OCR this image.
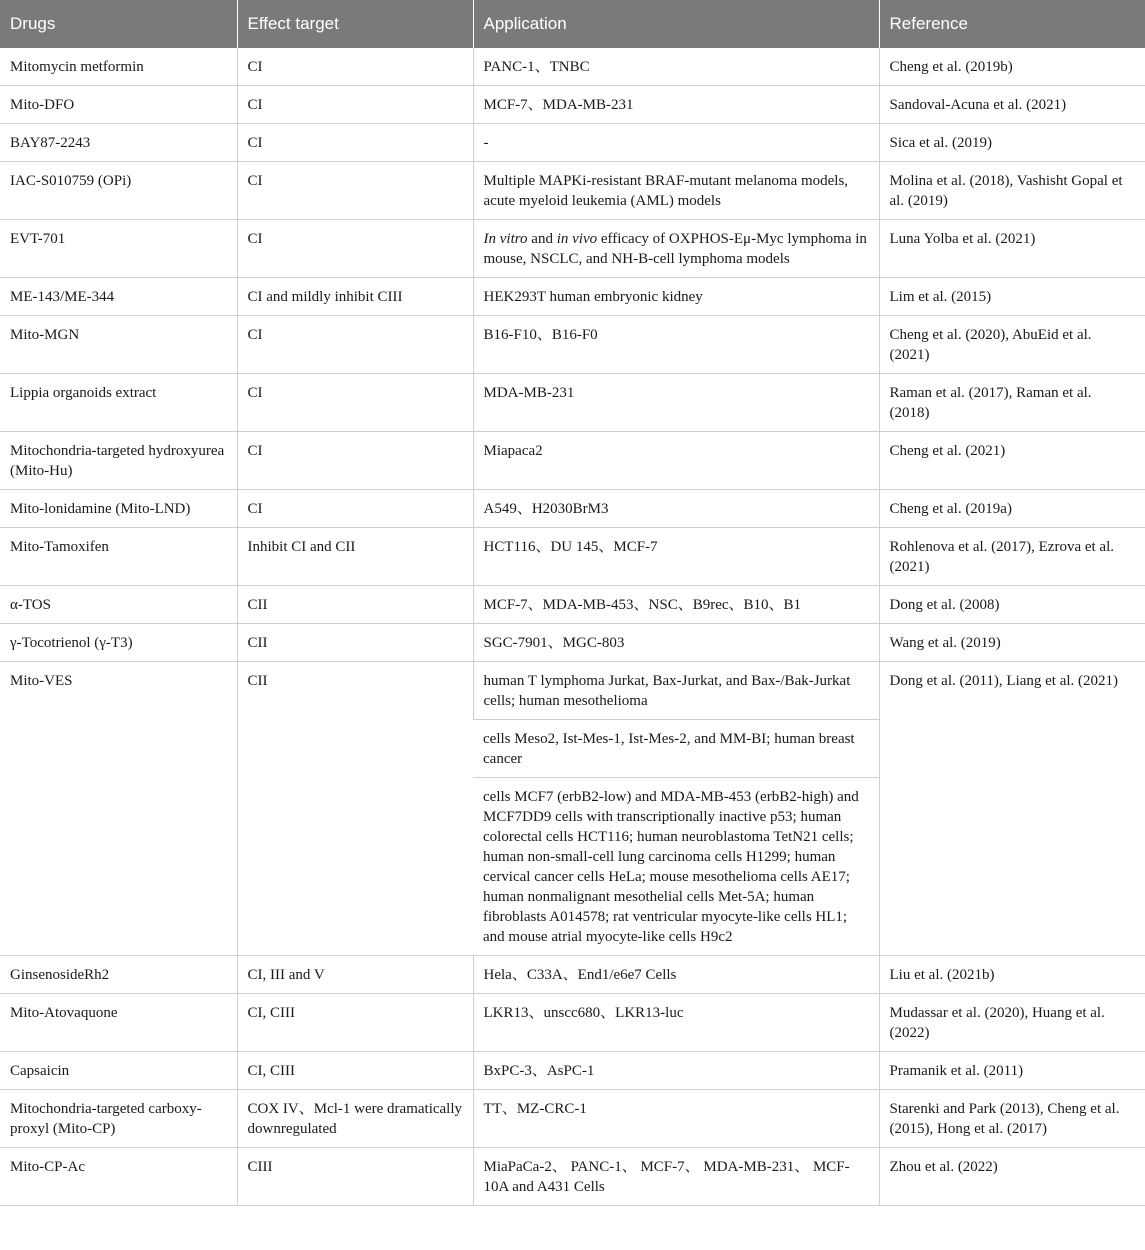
Drugs	Effect target	Application	Reference
Mitomycin metformin	CI	PANC-1、TNBC	Cheng et al. (2019b)
Mito-DFO	CI	MCF-7、MDA-MB-231	Sandoval-Acuna et al. (2021)
BAY87-2243	CI	-	Sica et al. (2019)
IAC-S010759 (OPi)	CI	Multiple MAPKi-resistant BRAF-mutant melanoma models, acute myeloid leukemia (AML) models	Molina et al. (2018), Vashisht Gopal et al. (2019)
EVT-701	CI	In vitro and in vivo efficacy of OXPHOS-Eμ-Myc lymphoma in mouse, NSCLC, and NH-B-cell lymphoma models	Luna Yolba et al. (2021)
ME-143/ME-344	CI and mildly inhibit CIII	HEK293T human embryonic kidney	Lim et al. (2015)
Mito-MGN	CI	B16-F10、B16-F0	Cheng et al. (2020), AbuEid et al. (2021)
Lippia organoids extract	CI	MDA-MB-231	Raman et al. (2017), Raman et al. (2018)
Mitochondria-targeted hydroxyurea (Mito-Hu)	CI	Miapaca2	Cheng et al. (2021)
Mito-lonidamine (Mito-LND)	CI	A549、H2030BrM3	Cheng et al. (2019a)
Mito-Tamoxifen	Inhibit CI and CII	HCT116、DU 145、MCF-7	Rohlenova et al. (2017), Ezrova et al. (2021)
α-TOS	CII	MCF-7、MDA-MB-453、NSC、B9rec、B10、B1	Dong et al. (2008)
γ-Tocotrienol (γ-T3)	CII	SGC-7901、MGC-803	Wang et al. (2019)
Mito-VES	CII	human T lymphoma Jurkat, Bax-Jurkat, and Bax-/Bak-Jurkat cells; human mesothelioma	Dong et al. (2011), Liang et al. (2021)
		cells Meso2, Ist-Mes-1, Ist-Mes-2, and MM-BI; human breast cancer	
		cells MCF7 (erbB2-low) and MDA-MB-453 (erbB2-high) and MCF7DD9 cells with transcriptionally inactive p53; human colorectal cells HCT116; human neuroblastoma TetN21 cells; human non-small-cell lung carcinoma cells H1299; human cervical cancer cells HeLa; mouse mesothelioma cells AE17; human nonmalignant mesothelial cells Met-5A; human fibroblasts A014578; rat ventricular myocyte-like cells HL1; and mouse atrial myocyte-like cells H9c2	
GinsenosideRh2	CI, III and V	Hela、C33A、End1/e6e7 Cells	Liu et al. (2021b)
Mito-Atovaquone	CI, CIII	LKR13、unscc680、LKR13-luc	Mudassar et al. (2020), Huang et al. (2022)
Capsaicin	CI, CIII	BxPC-3、AsPC-1	Pramanik et al. (2011)
Mitochondria-targeted carboxy-proxyl (Mito-CP)	COX IV、Mcl-1 were dramatically downregulated	TT、MZ-CRC-1	Starenki and Park (2013), Cheng et al. (2015), Hong et al. (2017)
Mito-CP-Ac	CIII	MiaPaCa-2、 PANC-1、 MCF-7、 MDA-MB-231、 MCF-10A and A431 Cells	Zhou et al. (2022)
